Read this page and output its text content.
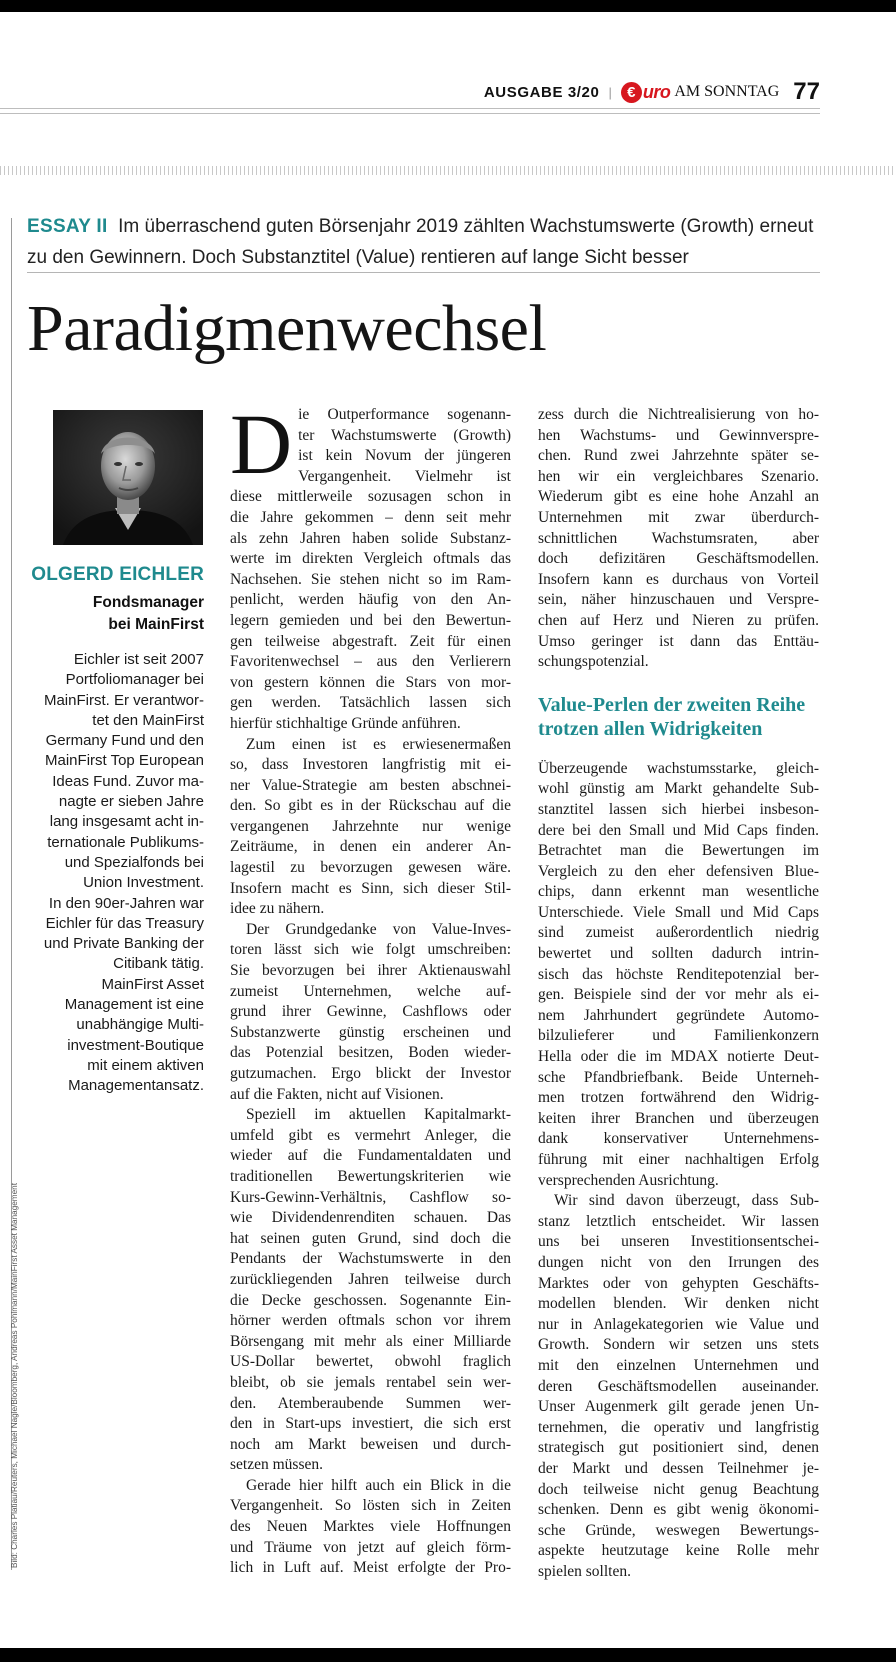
AUSGABE 3/20 |	€ uro AM SONNTAG 77
ESSAY II Im überraschend guten Börsenjahr 2019 zählten Wachstumswerte (Growth) erneut zu den Gewinnern. Doch Substanztitel (Value) rentieren auf lange Sicht besser
Paradigmenwechsel
OLGERD EICHLER
Fondsmanager
bei MainFirst
Eichler ist seit 2007
Portfoliomanager bei
MainFirst. Er verantwor-
tet den MainFirst
Germany Fund und den
MainFirst Top European
Ideas Fund. Zuvor ma-
nagte er sieben Jahre
lang insgesamt acht in-
ternationale Publikums-
und Spezialfonds bei
Union Investment.
In den 90er-Jahren war
Eichler für das Treasury
und Private Banking der
Citibank tätig.
MainFirst Asset
Management ist eine
unabhängige Multi-
investment-Boutique
mit einem aktiven
Managementansatz.
Bild: Charles Platiau/Reuters, Michael Nagle/Bloomberg, Andreas Pohlmann/MainFirst Asset Management
D ie Outperformance sogenann-
ter Wachstumswerte (Growth)
ist kein Novum der jüngeren
Vergangenheit. Vielmehr ist
diese mittlerweile sozusagen schon in
die Jahre gekommen – denn seit mehr
als zehn Jahren haben solide Substanz-
werte im direkten Vergleich oftmals das
Nachsehen. Sie stehen nicht so im Ram-
penlicht, werden häufig von den An-
legern gemieden und bei den Bewertun-
gen teilweise abgestraft. Zeit für einen
Favoritenwechsel – aus den Verlierern
von gestern können die Stars von mor-
gen werden. Tatsächlich lassen sich
hierfür stichhaltige Gründe anführen.
Zum einen ist es erwiesenermaßen
so, dass Investoren langfristig mit ei-
ner Value-Strategie am besten abschnei-
den. So gibt es in der Rückschau auf die
vergangenen Jahrzehnte nur wenige
Zeiträume, in denen ein anderer An-
lagestil zu bevorzugen gewesen wäre.
Insofern macht es Sinn, sich dieser Stil-
idee zu nähern.
Der Grundgedanke von Value-Inves-
toren lässt sich wie folgt umschreiben:
Sie bevorzugen bei ihrer Aktienauswahl
zumeist Unternehmen, welche auf-
grund ihrer Gewinne, Cashflows oder
Substanzwerte günstig erscheinen und
das Potenzial besitzen, Boden wieder-
gutzumachen. Ergo blickt der Investor
auf die Fakten, nicht auf Visionen.
Speziell im aktuellen Kapitalmarkt-
umfeld gibt es vermehrt Anleger, die
wieder auf die Fundamentaldaten und
traditionellen Bewertungskriterien wie
Kurs-Gewinn-Verhältnis, Cashflow so-
wie Dividendenrenditen schauen. Das
hat seinen guten Grund, sind doch die
Pendants der Wachstumswerte in den
zurückliegenden Jahren teilweise durch
die Decke geschossen. Sogenannte Ein-
hörner werden oftmals schon vor ihrem
Börsengang mit mehr als einer Milliarde
US-Dollar bewertet, obwohl fraglich
bleibt, ob sie jemals rentabel sein wer-
den. Atemberaubende Summen wer-
den in Start-ups investiert, die sich erst
noch am Markt beweisen und durch-
setzen müssen.
Gerade hier hilft auch ein Blick in die
Vergangenheit. So lösten sich in Zeiten
des Neuen Marktes viele Hoffnungen
und Träume von jetzt auf gleich förm-
lich in Luft auf. Meist erfolgte der Pro-
zess durch die Nichtrealisierung von ho-
hen Wachstums- und Gewinnverspre-
chen. Rund zwei Jahrzehnte später se-
hen wir ein vergleichbares Szenario.
Wiederum gibt es eine hohe Anzahl an
Unternehmen mit zwar überdurch-
schnittlichen Wachstumsraten, aber
doch defizitären Geschäftsmodellen.
Insofern kann es durchaus von Vorteil
sein, näher hinzuschauen und Verspre-
chen auf Herz und Nieren zu prüfen.
Umso geringer ist dann das Enttäu-
schungspotenzial.
Value-Perlen der zweiten Reihe
trotzen allen Widrigkeiten
Überzeugende wachstumsstarke, gleich-
wohl günstig am Markt gehandelte Sub-
stanztitel lassen sich hierbei insbeson-
dere bei den Small und Mid Caps finden.
Betrachtet man die Bewertungen im
Vergleich zu den eher defensiven Blue-
chips, dann erkennt man wesentliche
Unterschiede. Viele Small und Mid Caps
sind zumeist außerordentlich niedrig
bewertet und sollten dadurch intrin-
sisch das höchste Renditepotenzial ber-
gen. Beispiele sind der vor mehr als ei-
nem Jahrhundert gegründete Automo-
bilzulieferer und Familienkonzern
Hella oder die im MDAX notierte Deut-
sche Pfandbriefbank. Beide Unterneh-
men trotzen fortwährend den Widrig-
keiten ihrer Branchen und überzeugen
dank konservativer Unternehmens-
führung mit einer nachhaltigen Erfolg
versprechenden Ausrichtung.
Wir sind davon überzeugt, dass Sub-
stanz letztlich entscheidet. Wir lassen
uns bei unseren Investitionsentschei-
dungen nicht von den Irrungen des
Marktes oder von gehypten Geschäfts-
modellen blenden. Wir denken nicht
nur in Anlagekategorien wie Value und
Growth. Sondern wir setzen uns stets
mit den einzelnen Unternehmen und
deren Geschäftsmodellen auseinander.
Unser Augenmerk gilt gerade jenen Un-
ternehmen, die operativ und langfristig
strategisch gut positioniert sind, denen
der Markt und dessen Teilnehmer je-
doch teilweise nicht genug Beachtung
schenken. Denn es gibt wenig ökonomi-
sche Gründe, weswegen Bewertungs-
aspekte heutzutage keine Rolle mehr
spielen sollten.
